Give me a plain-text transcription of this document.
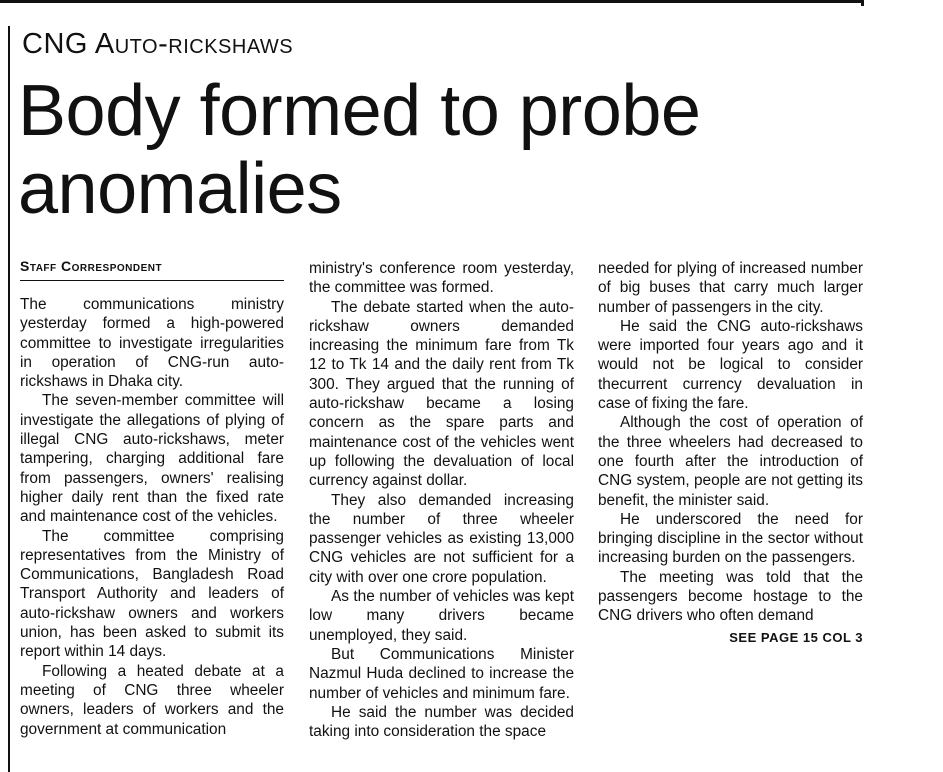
CNG Auto-rickshaws
Body formed to probe anomalies
Staff Correspondent

The communications ministry yesterday formed a high-powered committee to investigate irregularities in operation of CNG-run auto-rickshaws in Dhaka city.

The seven-member committee will investigate the allegations of plying of illegal CNG auto-rickshaws, meter tampering, charging additional fare from passengers, owners' realising higher daily rent than the fixed rate and maintenance cost of the vehicles.

The committee comprising representatives from the Ministry of Communications, Bangladesh Road Transport Authority and leaders of auto-rickshaw owners and workers union, has been asked to submit its report within 14 days.

Following a heated debate at a meeting of CNG three wheeler owners, leaders of workers and the government at communication

ministry's conference room yesterday, the committee was formed.

The debate started when the auto-rickshaw owners demanded increasing the minimum fare from Tk 12 to Tk 14 and the daily rent from Tk 300. They argued that the running of auto-rickshaw became a losing concern as the spare parts and maintenance cost of the vehicles went up following the devaluation of local currency against dollar.

They also demanded increasing the number of three wheeler passenger vehicles as existing 13,000 CNG vehicles are not sufficient for a city with over one crore population.

As the number of vehicles was kept low many drivers became unemployed, they said.

But Communications Minister Nazmul Huda declined to increase the number of vehicles and minimum fare.

He said the number was decided taking into consideration the space

needed for plying of increased number of big buses that carry much larger number of passengers in the city.

He said the CNG auto-rickshaws were imported four years ago and it would not be logical to consider thecurrent currency devaluation in case of fixing the fare.

Although the cost of operation of the three wheelers had decreased to one fourth after the introduction of CNG system, people are not getting its benefit, the minister said.

He underscored the need for bringing discipline in the sector without increasing burden on the passengers.

The meeting was told that the passengers become hostage to the CNG drivers who often demand

SEE PAGE 15 COL 3
